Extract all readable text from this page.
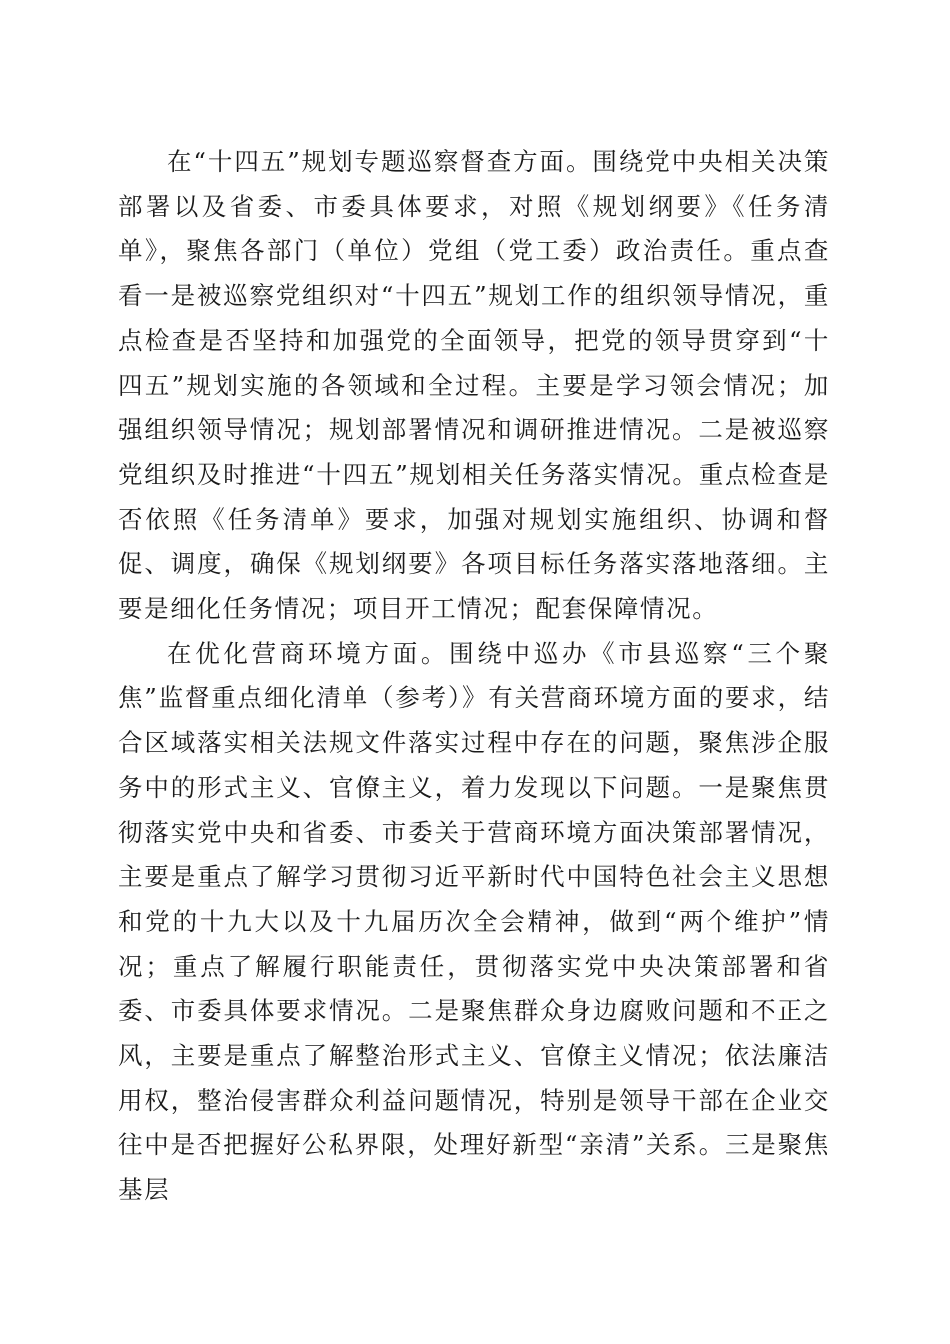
在“十四五”规划专题巡察督查方面。围绕党中央相关决策部署以及省委、市委具体要求，对照《规划纲要》《任务清单》，聚焦各部门（单位）党组（党工委）政治责任。重点查看一是被巡察党组织对“十四五”规划工作的组织领导情况，重点检查是否坚持和加强党的全面领导，把党的领导贯穿到“十四五”规划实施的各领域和全过程。主要是学习领会情况；加强组织领导情况；规划部署情况和调研推进情况。二是被巡察党组织及时推进“十四五”规划相关任务落实情况。重点检查是否依照《任务清单》要求，加强对规划实施组织、协调和督促、调度，确保《规划纲要》各项目标任务落实落地落细。主要是细化任务情况；项目开工情况；配套保障情况。

在优化营商环境方面。围绕中巡办《市县巡察“三个聚焦”监督重点细化清单（参考）》有关营商环境方面的要求，结合区域落实相关法规文件落实过程中存在的问题，聚焦涉企服务中的形式主义、官僚主义，着力发现以下问题。一是聚焦贯彻落实党中央和省委、市委关于营商环境方面决策部署情况，主要是重点了解学习贯彻习近平新时代中国特色社会主义思想和党的十九大以及十九届历次全会精神，做到“两个维护”情况；重点了解履行职能责任，贯彻落实党中央决策部署和省委、市委具体要求情况。二是聚焦群众身边腐败问题和不正之风，主要是重点了解整治形式主义、官僚主义情况；依法廉洁用权，整治侵害群众利益问题情况，特别是领导干部在企业交往中是否把握好公私界限，处理好新型“亲清”关系。三是聚焦基层
